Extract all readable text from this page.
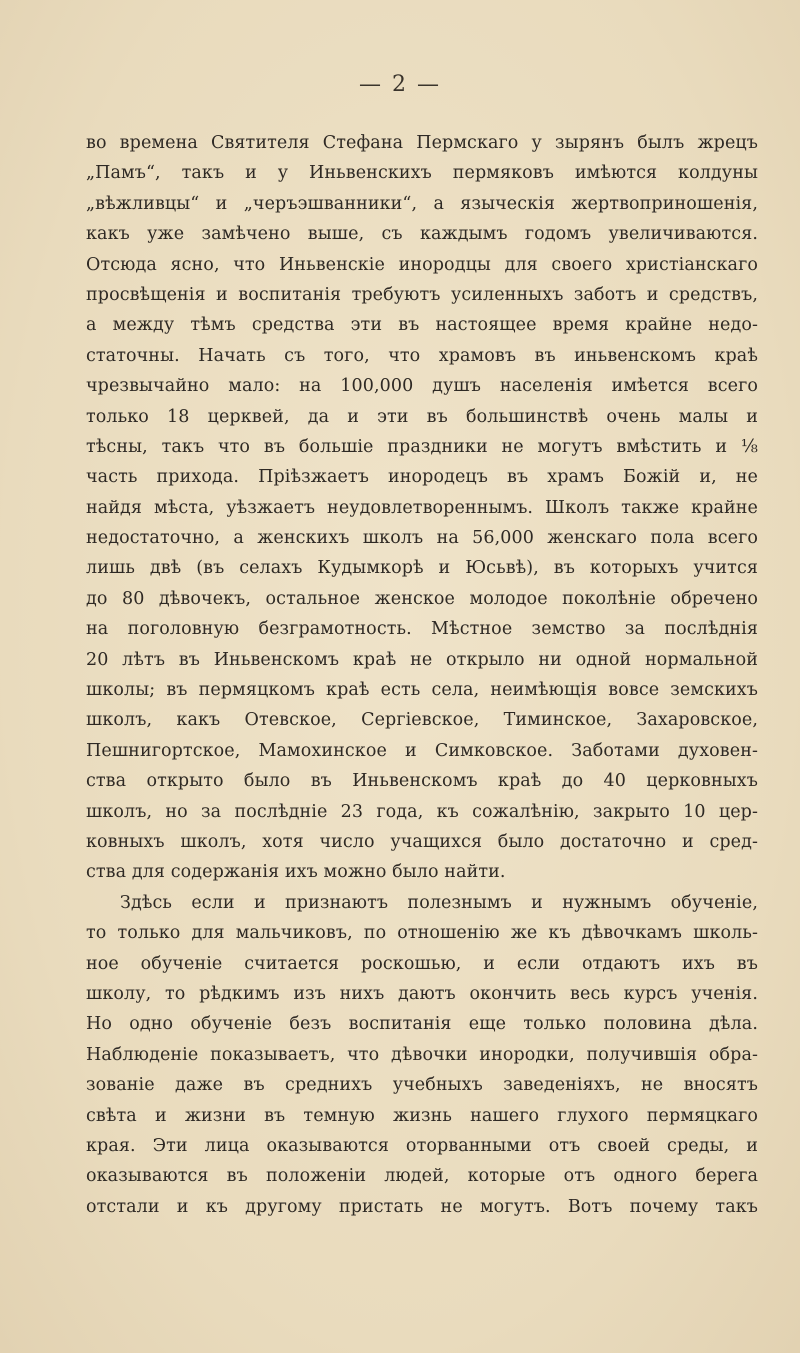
— 2 —
во времена Святителя Стефана Пермскаго у зырянъ былъ жрецъ
„Памъ“, такъ и у Иньвенскихъ пермяковъ имѣются колдуны
„вѣжливцы“ и „черъэшванники“, а языческія жертвоприношенія,
какъ уже замѣчено выше, съ каждымъ годомъ увеличиваются.
Отсюда ясно, что Иньвенскіе инородцы для своего христіанскаго
просвѣщенія и воспитанія требуютъ усиленныхъ заботъ и средствъ,
а между тѣмъ средства эти въ настоящее время крайне недо-
статочны. Начать съ того, что храмовъ въ иньвенскомъ краѣ
чрезвычайно мало: на 100,000 душъ населенія имѣется всего
только 18 церквей, да и эти въ большинствѣ очень малы и
тѣсны, такъ что въ большіе праздники не могутъ вмѣстить и ⅛
часть прихода. Пріѣзжаетъ инородецъ въ храмъ Божій и, не
найдя мѣста, уѣзжаетъ неудовлетвореннымъ. Школъ также крайне
недостаточно, а женскихъ школъ на 56,000 женскаго пола всего
лишь двѣ (въ селахъ Кудымкорѣ и Юсьвѣ), въ которыхъ учится
до 80 дѣвочекъ, остальное женское молодое поколѣніе обречено
на поголовную безграмотность. Мѣстное земство за послѣднія
20 лѣтъ въ Иньвенскомъ краѣ не открыло ни одной нормальной
школы; въ пермяцкомъ краѣ есть села, неимѣющія вовсе земскихъ
школъ, какъ Отевское, Сергіевское, Тиминское, Захаровское,
Пешнигортское, Мамохинское и Симковское. Заботами духовен-
ства открыто было въ Иньвенскомъ краѣ до 40 церковныхъ
школъ, но за послѣдніе 23 года, къ сожалѣнію, закрыто 10 цер-
ковныхъ школъ, хотя число учащихся было достаточно и сред-
ства для содержанія ихъ можно было найти.
Здѣсь если и признаютъ полезнымъ и нужнымъ обученіе,
то только для мальчиковъ, по отношенію же къ дѣвочкамъ школь-
ное обученіе считается роскошью, и если отдаютъ ихъ въ
школу, то рѣдкимъ изъ нихъ даютъ окончить весь курсъ ученія.
Но одно обученіе безъ воспитанія еще только половина дѣла.
Наблюденіе показываетъ, что дѣвочки инородки, получившія обра-
зованіе даже въ среднихъ учебныхъ заведеніяхъ, не вносятъ
свѣта и жизни въ темную жизнь нашего глухого пермяцкаго
края. Эти лица оказываются оторванными отъ своей среды, и
оказываются въ положеніи людей, которые отъ одного берега
отстали и къ другому пристать не могутъ. Вотъ почему такъ
